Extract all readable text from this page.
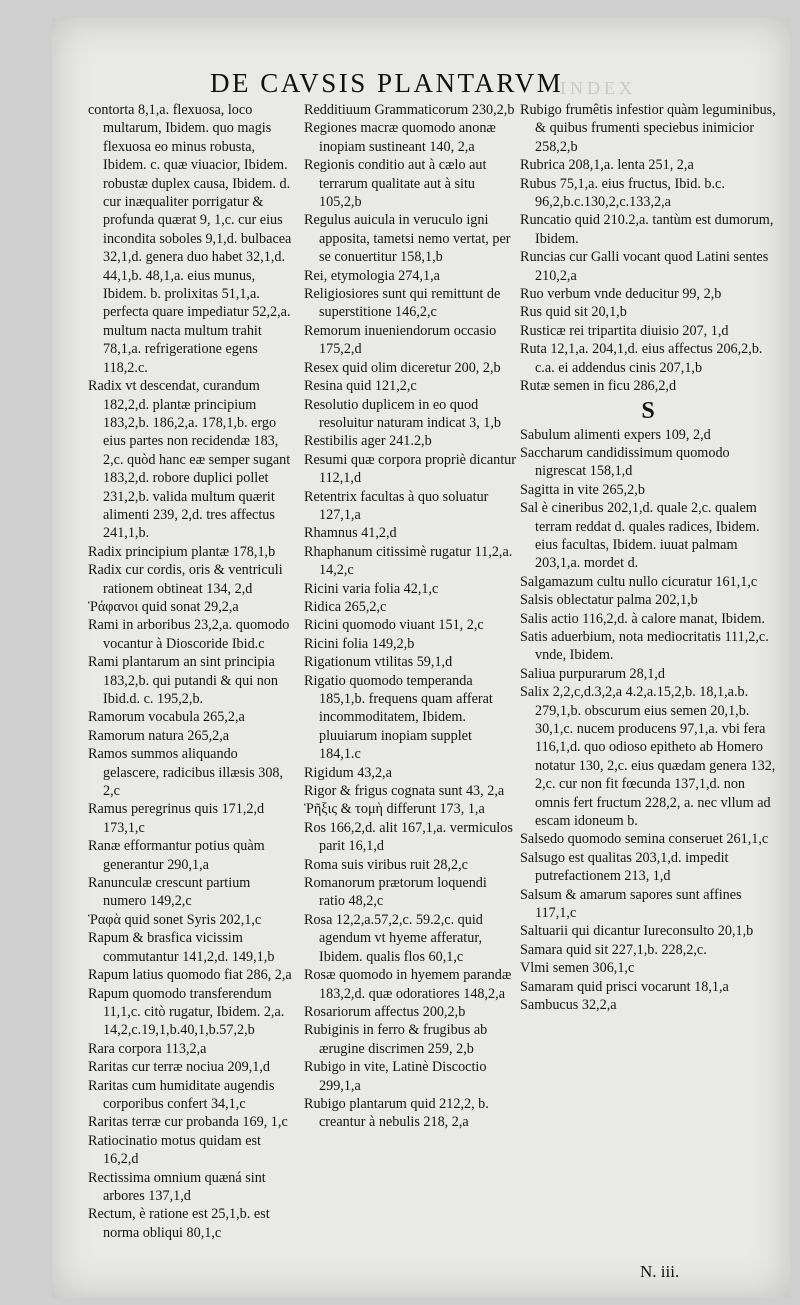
INDEX
DE CAVSIS PLANTARVM

contorta 8,1,a. flexuosa, loco multarum, Ibidem. quo magis flexuosa eo minus robusta, Ibidem. c. quæ viuacior, Ibidem. robustæ duplex causa, Ibidem. d. cur inæqualiter porrigatur & profunda quærat 9, 1,c. cur eius incondita soboles 9,1,d. bulbacea 32,1,d. genera duo habet 32,1,d. 44,1,b. 48,1,a. eius munus, Ibidem. b. prolixitas 51,1,a. perfecta quare impediatur 52,2,a. multum nacta multum trahit 78,1,a. refrigeratione egens 118,2.c.

Radix vt descendat, curandum 182,2,d. plantæ principium 183,2,b. 186,2,a. 178,1,b. ergo eius partes non recidendæ 183, 2,c. quòd hanc eæ semper sugant 183,2,d. robore duplici pollet 231,2,b. valida multum quærit alimenti 239, 2,d. tres affectus 241,1,b.

Radix principium plantæ 178,1,b

Radix cur cordis, oris & ventriculi rationem obtineat 134, 2,d

Ῥάφανοι quid sonat 29,2,a

Rami in arboribus 23,2,a. quomodo vocantur à Dioscoride Ibid.c

Rami plantarum an sint principia 183,2,b. qui putandi & qui non Ibid.d. c. 195,2,b.

Ramorum vocabula 265,2,a

Ramorum natura 265,2,a

Ramos summos aliquando gelascere, radicibus illæsis 308, 2,c

Ramus peregrinus quis 171,2,d 173,1,c

Ranæ efformantur potius quàm generantur 290,1,a

Ranunculæ crescunt partium numero 149,2,c

Ῥαφὰ quid sonet Syris 202,1,c

Rapum & brasfica vicissim commutantur 141,2,d. 149,1,b

Rapum latius quomodo fiat 286, 2,a

Rapum quomodo transferendum 11,1,c. citò rugatur, Ibidem. 2,a. 14,2,c.19,1,b.40,1,b.57,2,b

Rara corpora 113,2,a

Raritas cur terræ nociua 209,1,d

Raritas cum humiditate augendis corporibus confert 34,1,c

Raritas terræ cur probanda 169, 1,c

Ratiocinatio motus quidam est 16,2,d

Rectissima omnium quæná sint arbores 137,1,d

Rectum, è ratione est 25,1,b. est norma obliqui 80,1,c

Redditiuum Grammaticorum 230,2,b

Regiones macræ quomodo anonæ inopiam sustineant 140, 2,a

Regionis conditio aut à cælo aut terrarum qualitate aut à situ 105,2,b

Regulus auicula in veruculo igni apposita, tametsi nemo vertat, per se conuertitur 158,1,b

Rei, etymologia 274,1,a

Religiosiores sunt qui remittunt de superstitione 146,2,c

Remorum inueniendorum occasio 175,2,d

Resex quid olim diceretur 200, 2,b

Resina quid 121,2,c

Resolutio duplicem in eo quod resoluitur naturam indicat 3, 1,b

Restibilis ager 241.2,b

Resumi quæ corpora propriè dicantur 112,1,d

Retentrix facultas à quo soluatur 127,1,a

Rhamnus 41,2,d

Rhaphanum citissimè rugatur 11,2,a. 14,2,c

Ricini varia folia 42,1,c

Ridica 265,2,c

Ricini quomodo viuant 151, 2,c

Ricini folia 149,2,b

Rigationum vtilitas 59,1,d

Rigatio quomodo temperanda 185,1,b. frequens quam afferat incommoditatem, Ibidem. pluuiarum inopiam supplet 184,1.c

Rigidum 43,2,a

Rigor & frigus cognata sunt 43, 2,a

Ῥῆξις & τομὴ differunt 173, 1,a

Ros 166,2,d. alit 167,1,a. vermiculos parit 16,1,d

Roma suis viribus ruit 28,2,c

Romanorum prætorum loquendi ratio 48,2,c

Rosa 12,2,a.57,2,c. 59.2,c. quid agendum vt hyeme afferatur, Ibidem. qualis flos 60,1,c

Rosæ quomodo in hyemem parandæ 183,2,d. quæ odoratiores 148,2,a

Rosariorum affectus 200,2,b

Rubiginis in ferro & frugibus ab ærugine discrimen 259, 2,b

Rubigo in vite, Latinè Discoctio 299,1,a

Rubigo plantarum quid 212,2, b. creantur à nebulis 218, 2,a

Rubigo frumêtis infestior quàm leguminibus, & quibus frumenti speciebus inimicior 258,2,b

Rubrica 208,1,a. lenta 251, 2,a

Rubus 75,1,a. eius fructus, Ibid. b.c. 96,2,b.c.130,2,c.133,2,a

Runcatio quid 210.2,a. tantùm est dumorum, Ibidem.

Runcias cur Galli vocant quod Latini sentes 210,2,a

Ruo verbum vnde deducitur 99, 2,b

Rus quid sit 20,1,b

Rusticæ rei tripartita diuisio 207, 1,d

Ruta 12,1,a. 204,1,d. eius affectus 206,2,b. c.a. ei addendus cinis 207,1,b

Rutæ semen in ficu 286,2,d

S

Sabulum alimenti expers 109, 2,d

Saccharum candidissimum quomodo nigrescat 158,1,d

Sagitta in vite 265,2,b

Sal è cineribus 202,1,d. quale 2,c. qualem terram reddat d. quales radices, Ibidem. eius facultas, Ibidem. iuuat palmam 203,1,a. mordet d.

Salgamazum cultu nullo cicuratur 161,1,c

Salsis oblectatur palma 202,1,b

Salis actio 116,2,d. à calore manat, Ibidem.

Satis aduerbium, nota mediocritatis 111,2,c. vnde, Ibidem.

Saliua purpurarum 28,1,d

Salix 2,2,c,d.3,2,a 4.2,a.15,2,b. 18,1,a.b. 279,1,b. obscurum eius semen 20,1,b. 30,1,c. nucem producens 97,1,a. vbi fera 116,1,d. quo odioso epitheto ab Homero notatur 130, 2,c. eius quædam genera 132, 2,c. cur non fit fœcunda 137,1,d. non omnis fert fructum 228,2, a. nec vllum ad escam idoneum b.

Salsedo quomodo semina conseruet 261,1,c

Salsugo est qualitas 203,1,d. impedit putrefactionem 213, 1,d

Salsum & amarum sapores sunt affines 117,1,c

Saltuarii qui dicantur Iureconsulto 20,1,b

Samara quid sit 227,1,b. 228,2,c.

Vlmi semen 306,1,c

Samaram quid prisci vocarunt 18,1,a

Sambucus 32,2,a

N. iii.
